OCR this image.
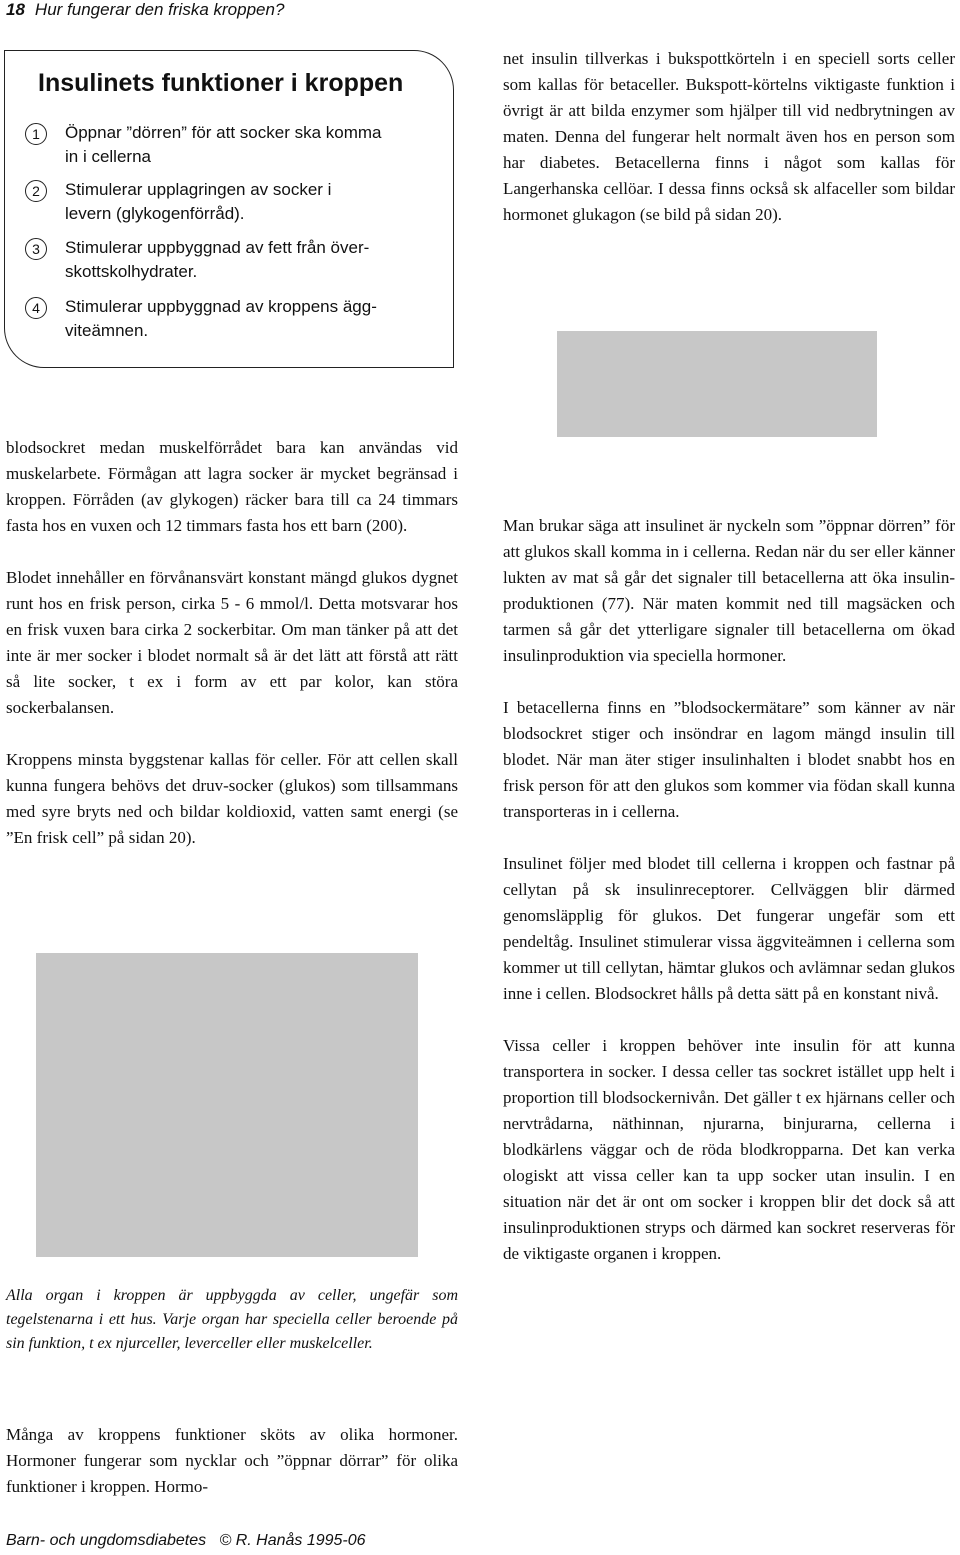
18 Hur fungerar den friska kroppen?
Insulinets funktioner i kroppen
1	Öppnar ”dörren” för att socker ska komma
in i cellerna
2	Stimulerar upplagringen av socker i
levern (glykogenförråd).
3	Stimulerar uppbyggnad av fett från över-
skottskolhydrater.
4	Stimulerar uppbyggnad av kroppens ägg-
viteämnen.

net insulin tillverkas i bukspottkörteln i en speciell sorts celler som kallas för betaceller. Bukspott-körtelns viktigaste funktion i övrigt är att bilda enzymer som hjälper till vid nedbrytningen av maten. Denna del fungerar helt normalt även hos en person som har diabetes. Betacellerna finns i något som kallas för Langerhanska cellöar. I dessa finns också sk alfaceller som bildar hormonet glukagon (se bild på sidan 20).

blodsockret medan muskelförrådet bara kan användas vid muskelarbete. Förmågan att lagra socker är mycket begränsad i kroppen. Förråden (av glykogen) räcker bara till ca 24 timmars fasta hos en vuxen och 12 timmars fasta hos ett barn (200).

Blodet innehåller en förvånansvärt konstant mängd glukos dygnet runt hos en frisk person, cirka 5 - 6 mmol/l. Detta motsvarar hos en frisk vuxen bara cirka 2 sockerbitar. Om man tänker på att det inte är mer socker i blodet normalt så är det lätt att förstå att rätt så lite socker, t ex i form av ett par kolor, kan störa sockerbalansen.

Kroppens minsta byggstenar kallas för celler. För att cellen skall kunna fungera behövs det druv-socker (glukos) som tillsammans med syre bryts ned och bildar koldioxid, vatten samt energi (se ”En frisk cell” på sidan 20).

Alla organ i kroppen är uppbyggda av celler, ungefär som tegelstenarna i ett hus. Varje organ har speciella celler beroende på sin funktion, t ex njurceller, leverceller eller muskelceller.

Många av kroppens funktioner sköts av olika hormoner. Hormoner fungerar som nycklar och ”öppnar dörrar” för olika funktioner i kroppen. Hormo-

Man brukar säga att insulinet är nyckeln som ”öppnar dörren” för att glukos skall komma in i cellerna. Redan när du ser eller känner lukten av mat så går det signaler till betacellerna att öka insulin-produktionen (77). När maten kommit ned till magsäcken och tarmen så går det ytterligare signaler till betacellerna om ökad insulinproduktion via speciella hormoner.

I betacellerna finns en ”blodsockermätare” som känner av när blodsockret stiger och insöndrar en lagom mängd insulin till blodet. När man äter stiger insulinhalten i blodet snabbt hos en frisk person för att den glukos som kommer via födan skall kunna transporteras in i cellerna.

Insulinet följer med blodet till cellerna i kroppen och fastnar på cellytan på sk insulinreceptorer. Cellväggen blir därmed genomsläpplig för glukos. Det fungerar ungefär som ett pendeltåg. Insulinet stimulerar vissa äggviteämnen i cellerna som kommer ut till cellytan, hämtar glukos och avlämnar sedan glukos inne i cellen. Blodsockret hålls på detta sätt på en konstant nivå.

Vissa celler i kroppen behöver inte insulin för att kunna transportera in socker. I dessa celler tas sockret istället upp helt i proportion till blodsockernivån. Det gäller t ex hjärnans celler och nervtrådarna, näthinnan, njurarna, binjurarna, cellerna i blodkärlens väggar och de röda blodkropparna. Det kan verka ologiskt att vissa celler kan ta upp socker utan insulin. I en situation när det är ont om socker i kroppen blir det dock så att insulinproduktionen stryps och därmed kan sockret reserveras för de viktigaste organen i kroppen.

Barn- och ungdomsdiabetes   © R. Hanås 1995-06
